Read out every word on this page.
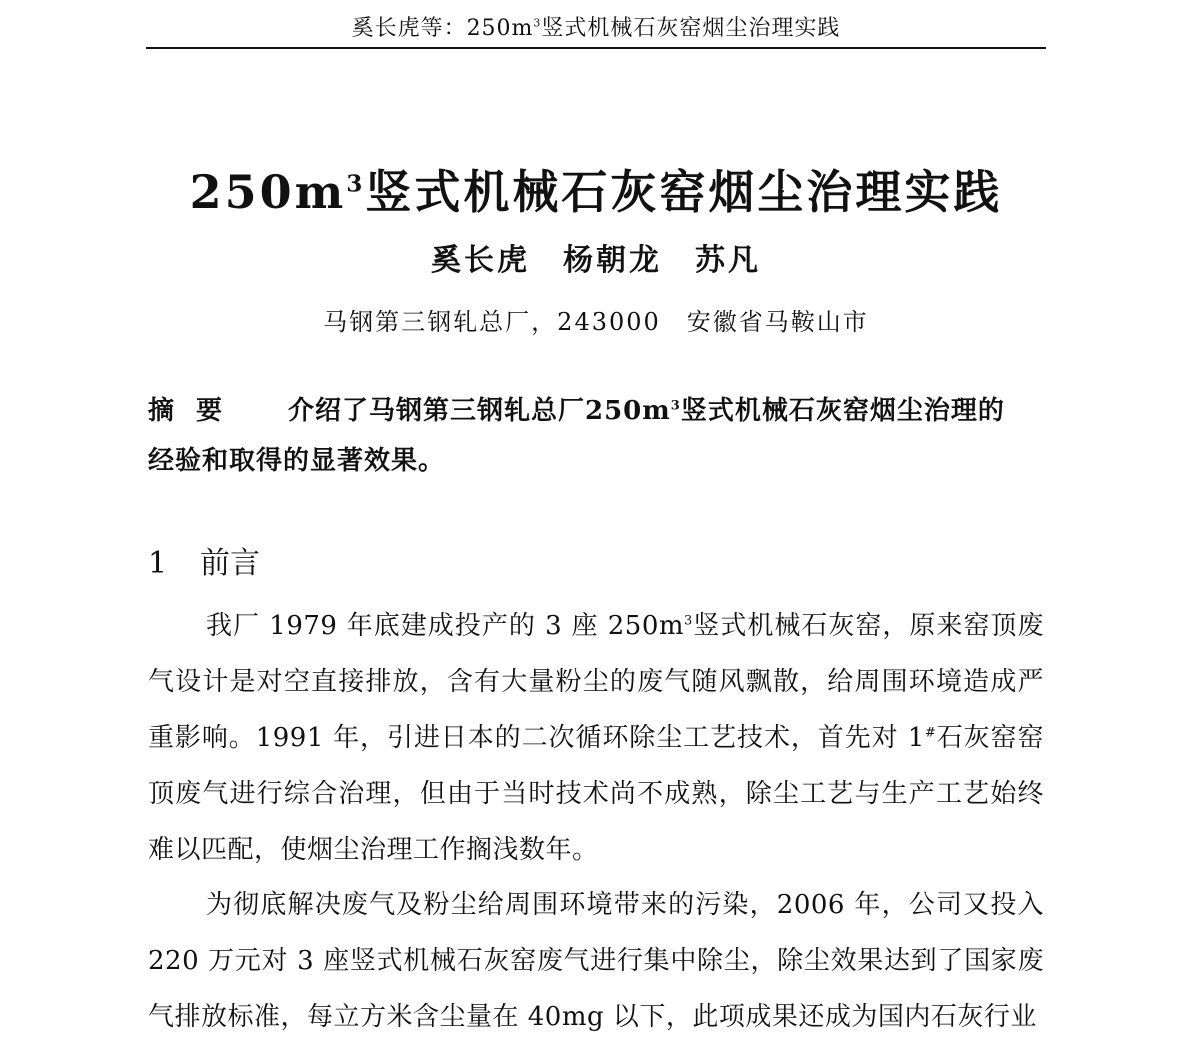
奚长虎等：$250m^3$竖式机械石灰窑烟尘治理实践
$250m^3$竖式机械石灰窑烟尘治理实践
奚长虎　杨朝龙　苏凡
马钢第三钢轧总厂，243000　安徽省马鞍山市
摘要 介绍了马钢第三钢轧总厂$250m^3$竖式机械石灰窑烟尘治理的经验和取得的显著效果。
1 前言
我厂 1979 年底建成投产的 3 座 $250m^3$竖式机械石灰窑，原来窑顶废气设计是对空直接排放，含有大量粉尘的废气随风飘散，给周围环境造成严重影响。1991 年，引进日本的二次循环除尘工艺技术，首先对 1#石灰窑窑顶废气进行综合治理，但由于当时技术尚不成熟，除尘工艺与生产工艺始终难以匹配，使烟尘治理工作搁浅数年。
为彻底解决废气及粉尘给周围环境带来的污染，2006 年，公司又投入 220 万元对 3 座竖式机械石灰窑废气进行集中除尘，除尘效果达到了国家废气排放标准，每立方米含尘量在 40mg 以下，此项成果还成为国内石灰行业
